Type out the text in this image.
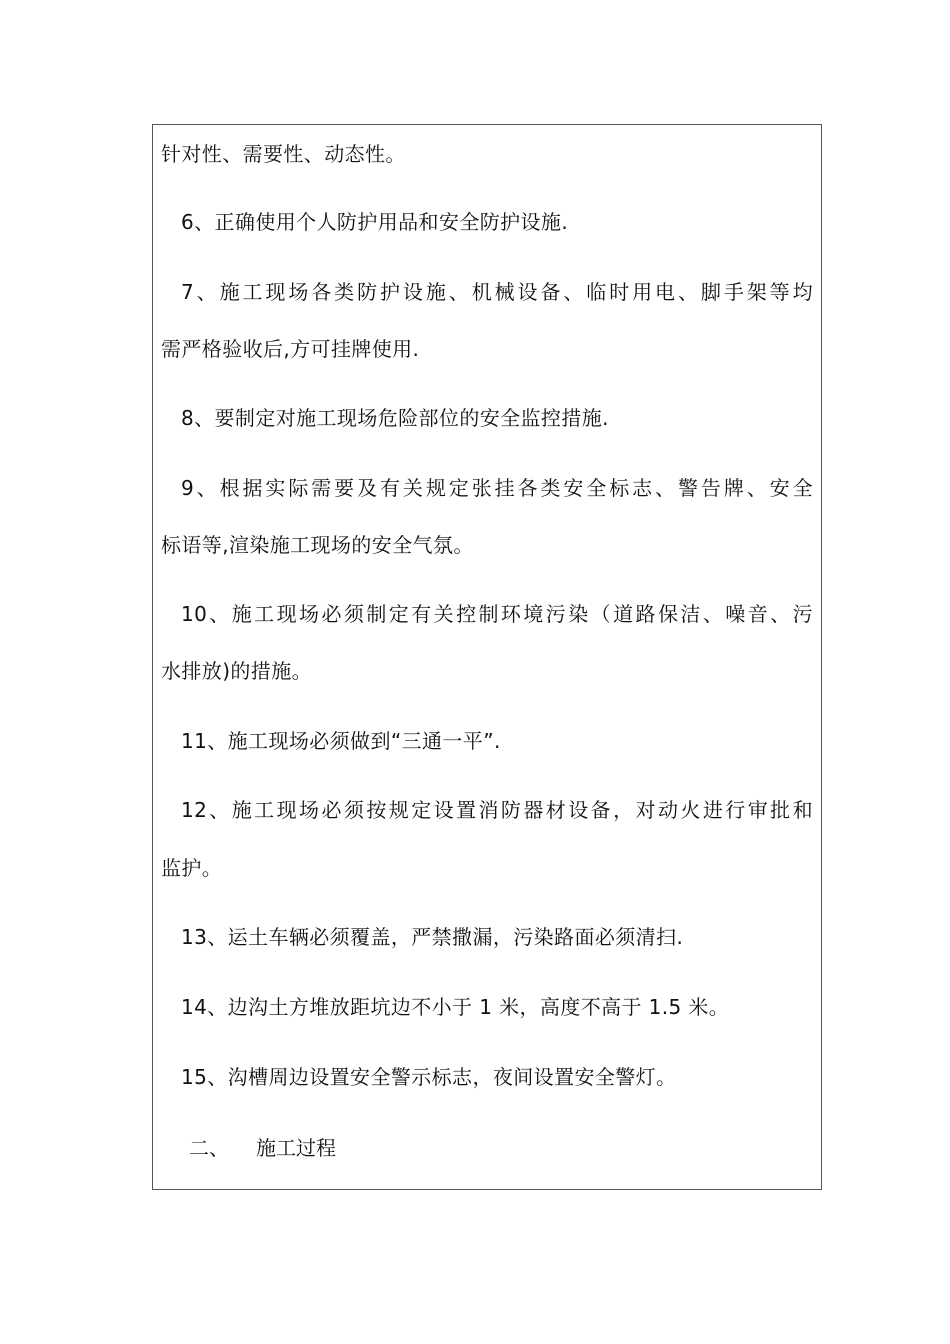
针对性、需要性、动态性。
6、正确使用个人防护用品和安全防护设施.
7、施工现场各类防护设施、机械设备、临时用电、脚手架等均
需严格验收后,方可挂牌使用.
8、要制定对施工现场危险部位的安全监控措施.
9、根据实际需要及有关规定张挂各类安全标志、警告牌、安全
标语等,渲染施工现场的安全气氛。
10、施工现场必须制定有关控制环境污染（道路保洁、噪音、污
水排放)的措施。
11、施工现场必须做到“三通一平”.
12、施工现场必须按规定设置消防器材设备，对动火进行审批和
监护。
13、运土车辆必须覆盖，严禁撒漏，污染路面必须清扫.
14、边沟土方堆放距坑边不小于 1 米，高度不高于 1.5 米。
15、沟槽周边设置安全警示标志，夜间设置安全警灯。
二、 施工过程
